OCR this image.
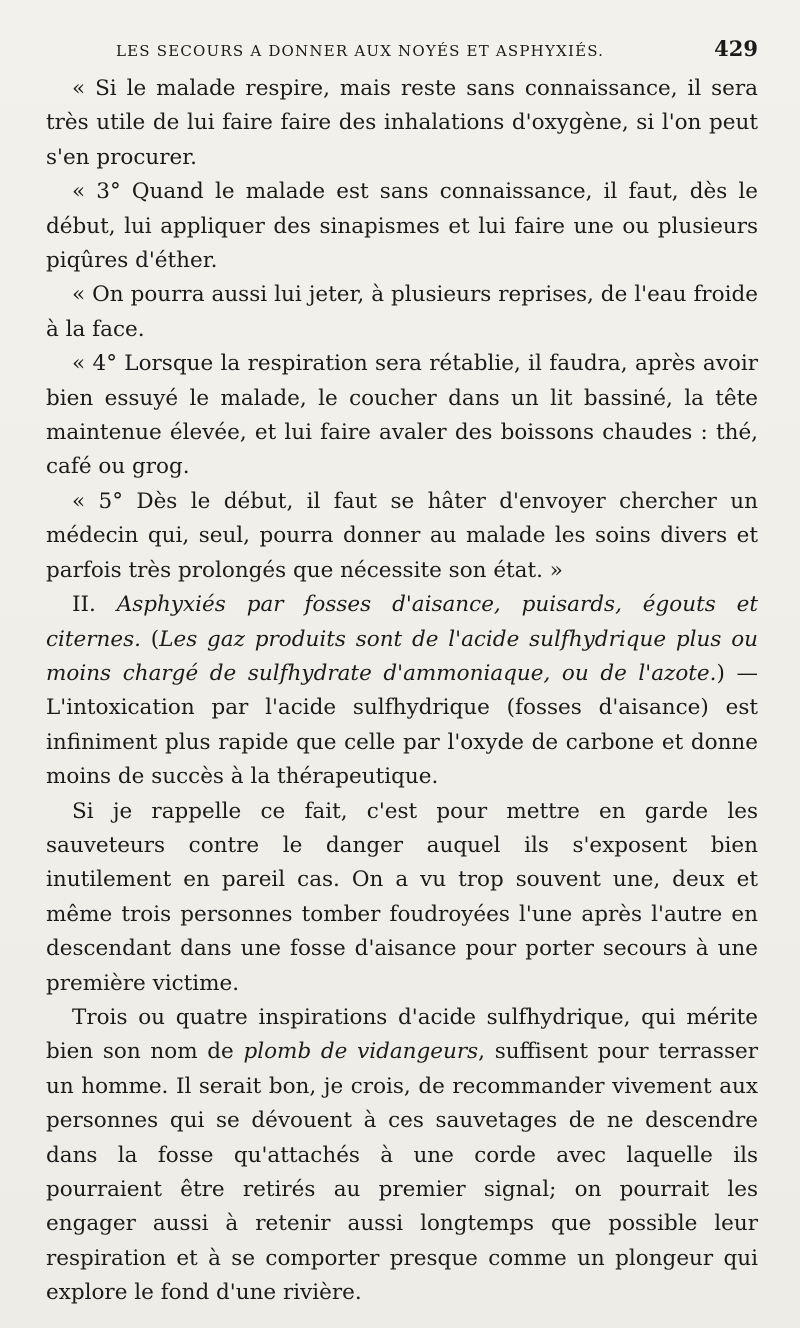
LES SECOURS A DONNER AUX NOYÉS ET ASPHYXIÉS.	429

« Si le malade respire, mais reste sans connaissance, il sera très utile de lui faire faire des inhalations d'oxygène, si l'on peut s'en procurer.

« 3° Quand le malade est sans connaissance, il faut, dès le début, lui appliquer des sinapismes et lui faire une ou plusieurs piqûres d'éther.

« On pourra aussi lui jeter, à plusieurs reprises, de l'eau froide à la face.

« 4° Lorsque la respiration sera rétablie, il faudra, après avoir bien essuyé le malade, le coucher dans un lit bassiné, la tête maintenue élevée, et lui faire avaler des boissons chaudes : thé, café ou grog.

« 5° Dès le début, il faut se hâter d'envoyer chercher un médecin qui, seul, pourra donner au malade les soins divers et parfois très prolongés que nécessite son état. »

II. Asphyxiés par fosses d'aisance, puisards, égouts et citernes. (Les gaz produits sont de l'acide sulfhydrique plus ou moins chargé de sulfhydrate d'ammoniaque, ou de l'azote.) — L'intoxication par l'acide sulfhydrique (fosses d'aisance) est infiniment plus rapide que celle par l'oxyde de carbone et donne moins de succès à la thérapeutique.

Si je rappelle ce fait, c'est pour mettre en garde les sauveteurs contre le danger auquel ils s'exposent bien inutilement en pareil cas. On a vu trop souvent une, deux et même trois personnes tomber foudroyées l'une après l'autre en descendant dans une fosse d'aisance pour porter secours à une première victime.

Trois ou quatre inspirations d'acide sulfhydrique, qui mérite bien son nom de plomb de vidangeurs, suffisent pour terrasser un homme. Il serait bon, je crois, de recommander vivement aux personnes qui se dévouent à ces sauvetages de ne descendre dans la fosse qu'attachés à une corde avec laquelle ils pourraient être retirés au premier signal; on pourrait les engager aussi à retenir aussi longtemps que possible leur respiration et à se comporter presque comme un plongeur qui explore le fond d'une rivière.
